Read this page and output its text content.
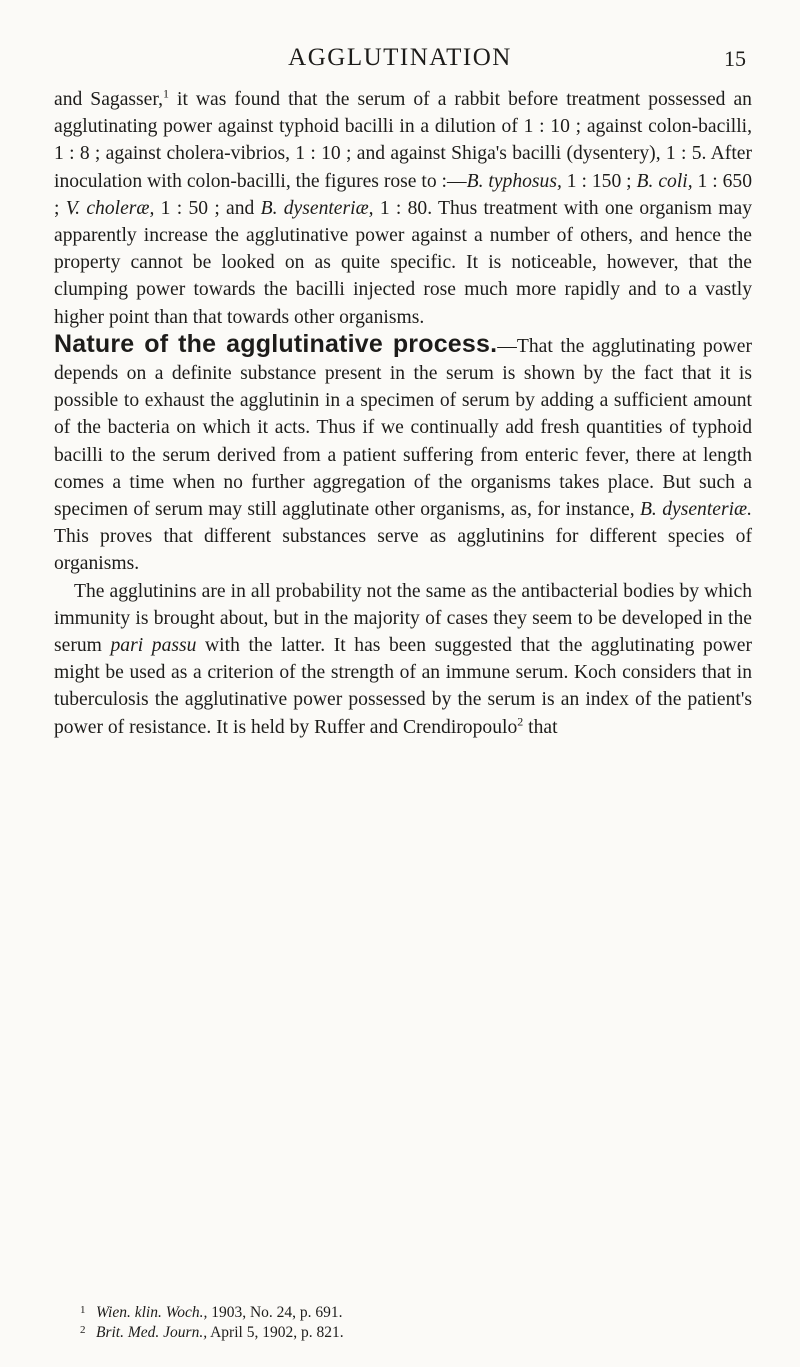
AGGLUTINATION	15

and Sagasser,$^1$ it was found that the serum of a rabbit before treatment possessed an agglutinating power against typhoid bacilli in a dilution of 1 : 10 ; against colon-bacilli, 1 : 8 ; against cholera-vibrios, 1 : 10 ; and against Shiga's bacilli (dysentery), 1 : 5. After inoculation with colon-bacilli, the figures rose to :—B. typhosus, 1 : 150 ; B. coli, 1 : 650 ; V. choleræ, 1 : 50 ; and B. dysenteriæ, 1 : 80. Thus treatment with one organism may apparently increase the agglutinative power against a number of others, and hence the property cannot be looked on as quite specific. It is noticeable, however, that the clumping power towards the bacilli injected rose much more rapidly and to a vastly higher point than that towards other organisms.

Nature of the agglutinative process.—That the agglutinating power depends on a definite substance present in the serum is shown by the fact that it is possible to exhaust the agglutinin in a specimen of serum by adding a sufficient amount of the bacteria on which it acts. Thus if we continually add fresh quantities of typhoid bacilli to the serum derived from a patient suffering from enteric fever, there at length comes a time when no further aggregation of the organisms takes place. But such a specimen of serum may still agglutinate other organisms, as, for instance, B. dysenteriæ. This proves that different substances serve as agglutinins for different species of organisms.

The agglutinins are in all probability not the same as the antibacterial bodies by which immunity is brought about, but in the majority of cases they seem to be developed in the serum pari passu with the latter. It has been suggested that the agglutinating power might be used as a criterion of the strength of an immune serum. Koch considers that in tuberculosis the agglutinative power possessed by the serum is an index of the patient's power of resistance. It is held by Ruffer and Crendiropoulo$^2$ that

1 Wien. klin. Woch., 1903, No. 24, p. 691.
2 Brit. Med. Journ., April 5, 1902, p. 821.
